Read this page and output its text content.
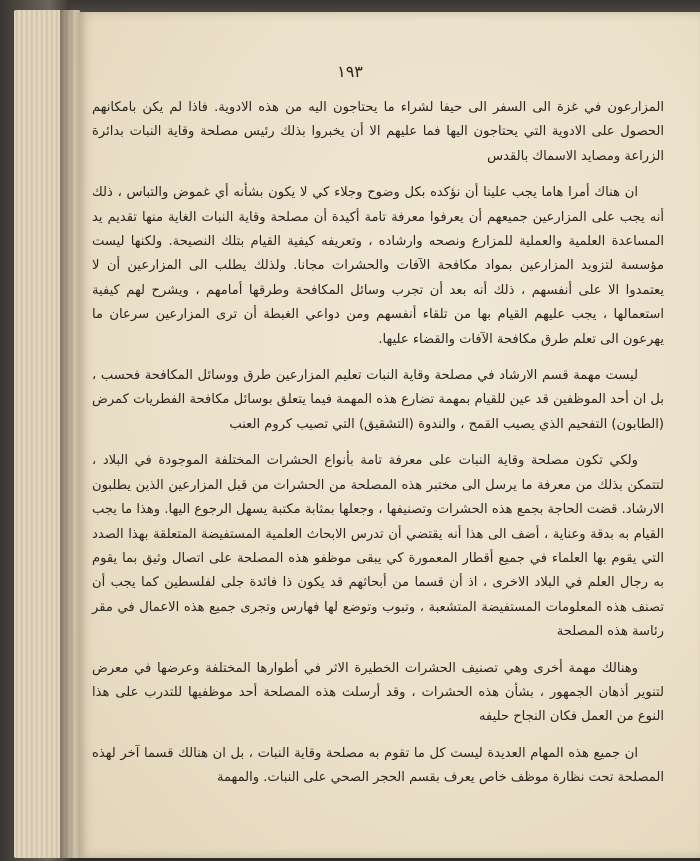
١٩٣

المزارعون في غزة الى السفر الى حيفا لشراء ما يحتاجون اليه من هذه الادوية. فاذا لم يكن بامكانهم الحصول على الادوية التي يحتاجون اليها فما عليهم الا أن يخبروا بذلك رئيس مصلحة وقاية النبات بدائرة الزراعة ومصايد الاسماك بالقدس

ان هناك أمرا هاما يجب علينا أن نؤكده بكل وضوح وجلاء كي لا يكون بشأنه أي غموض والتباس ، ذلك أنه يجب على المزارعين جميعهم أن يعرفوا معرفة تامة أكيدة أن مصلحة وقاية النبات الغاية منها تقديم يد المساعدة العلمية والعملية للمزارع ونصحه وارشاده ، وتعريفه كيفية القيام بتلك النصيحة. ولكنها ليست مؤسسة لتزويد المزارعين بمواد مكافحة الآفات والحشرات مجانا. ولذلك يطلب الى المزارعين أن لا يعتمدوا الا على أنفسهم ، ذلك أنه بعد أن تجرب وسائل المكافحة وطرقها أمامهم ، ويشرح لهم كيفية استعمالها ، يجب عليهم القيام بها من تلقاء أنفسهم ومن دواعي الغبطة أن ترى المزارعين سرعان ما يهرعون الى تعلم طرق مكافحة الآفات والقضاء عليها.

ليست مهمة قسم الارشاد في مصلحة وقاية النبات تعليم المزارعين طرق ووسائل المكافحة فحسب ، بل ان أحد الموظفين قد عين للقيام بمهمة تضارع هذه المهمة فيما يتعلق بوسائل مكافحة الفطريات كمرض (الطابون) التفحيم الذي يصيب القمح ، والندوة (التشقيق) التي تصيب كروم العنب

ولكي تكون مصلحة وقاية النبات على معرفة تامة بأنواع الحشرات المختلفة الموجودة في البلاد ، لتتمكن بذلك من معرفة ما يرسل الى مختبر هذه المصلحة من الحشرات من قبل المزارعين الذين يطلبون الارشاد. قضت الحاجة بجمع هذه الحشرات وتصنيفها ، وجعلها بمثابة مكتبة يسهل الرجوع اليها. وهذا ما يجب القيام به بدقة وعناية ، أضف الى هذا أنه يقتضي أن تدرس الابحاث العلمية المستفيضة المتعلقة بهذا الصدد التي يقوم بها العلماء في جميع أقطار المعمورة كي يبقى موظفو هذه المصلحة على اتصال وثيق بما يقوم به رجال العلم في البلاد الاخرى ، اذ أن قسما من أبحاثهم قد يكون ذا فائدة جلى لفلسطين كما يجب أن تصنف هذه المعلومات المستفيضة المتشعبة ، وتبوب وتوضع لها فهارس وتجرى جميع هذه الاعمال في مقر رئاسة هذه المصلحة

وهنالك مهمة أخرى وهي تصنيف الحشرات الخطيرة الاثر في أطوارها المختلفة وعرضها في معرض لتنوير أذهان الجمهور ، بشأن هذه الحشرات ، وقد أرسلت هذه المصلحة أحد موظفيها للتدرب على هذا النوع من العمل فكان النجاح حليفه

ان جميع هذه المهام العديدة ليست كل ما تقوم به مصلحة وقاية النبات ، بل ان هنالك قسما آخر لهذه المصلحة تحت نظارة موظف خاص يعرف بقسم الحجر الصحي على النبات. والمهمة
